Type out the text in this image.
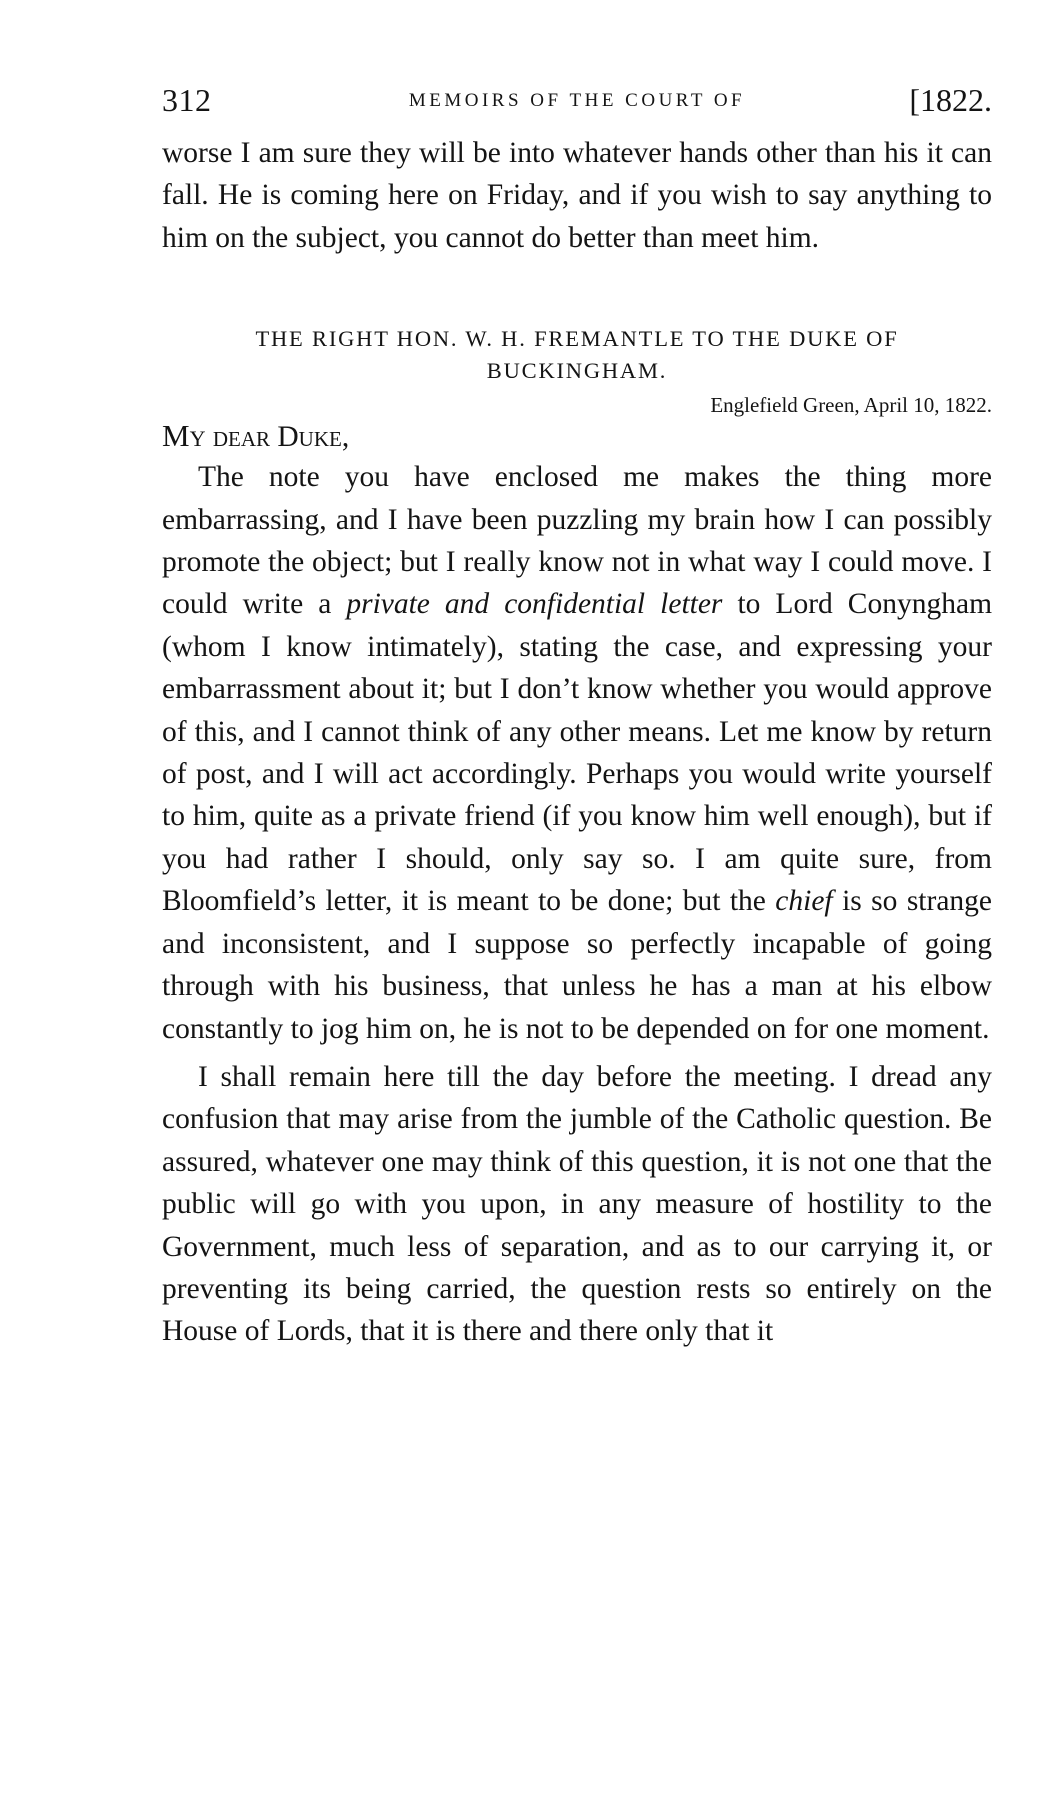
312	MEMOIRS OF THE COURT OF	[1822.

worse I am sure they will be into whatever hands other than his it can fall. He is coming here on Friday, and if you wish to say anything to him on the subject, you cannot do better than meet him.

THE RIGHT HON. W. H. FREMANTLE TO THE DUKE OF BUCKINGHAM.
Englefield Green, April 10, 1822.
My dear Duke,

The note you have enclosed me makes the thing more embarrassing, and I have been puzzling my brain how I can possibly promote the object; but I really know not in what way I could move. I could write a private and confidential letter to Lord Conyngham (whom I know intimately), stating the case, and expressing your embarrassment about it; but I don’t know whether you would approve of this, and I cannot think of any other means. Let me know by return of post, and I will act accordingly. Perhaps you would write yourself to him, quite as a private friend (if you know him well enough), but if you had rather I should, only say so. I am quite sure, from Bloomfield’s letter, it is meant to be done; but the chief is so strange and inconsistent, and I suppose so perfectly incapable of going through with his business, that unless he has a man at his elbow constantly to jog him on, he is not to be depended on for one moment.

I shall remain here till the day before the meeting. I dread any confusion that may arise from the jumble of the Catholic question. Be assured, whatever one may think of this question, it is not one that the public will go with you upon, in any measure of hostility to the Government, much less of separation, and as to our carrying it, or preventing its being carried, the question rests so entirely on the House of Lords, that it is there and there only that it
